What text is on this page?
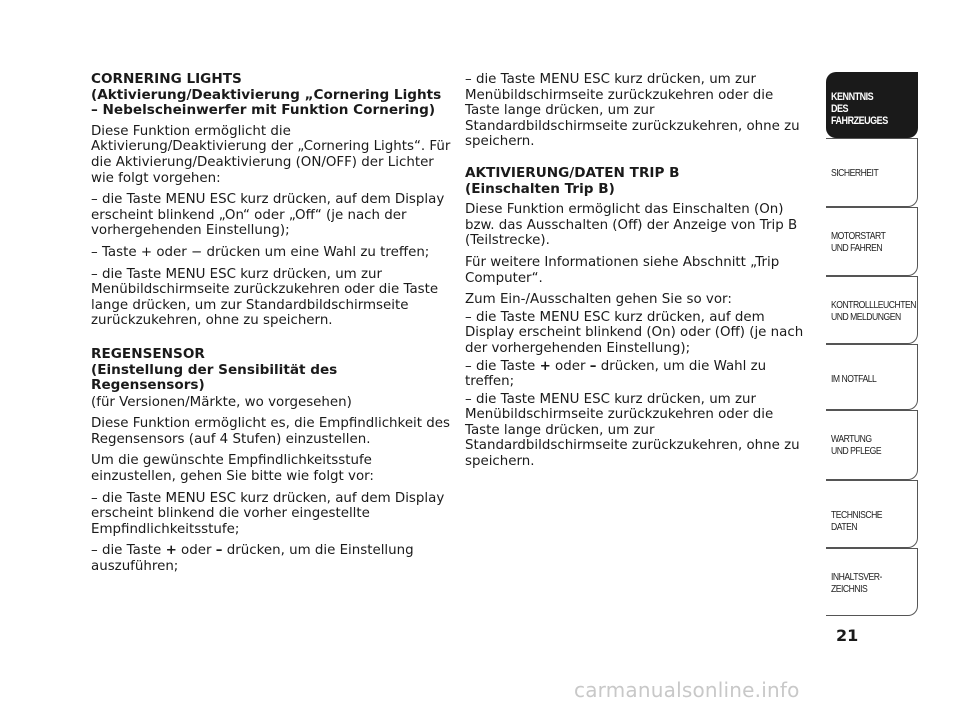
CORNERING LIGHTS
(Aktivierung/Deaktivierung „Cornering Lights
– Nebelscheinwerfer mit Funktion Cornering)

Diese Funktion ermöglicht die Aktivierung/Deaktivierung der „Cornering Lights“. Für die Aktivierung/Deaktivierung (ON/OFF) der Lichter wie folgt vorgehen:

– die Taste MENU ESC kurz drücken, auf dem Display erscheint blinkend „On“ oder „Off“ (je nach der vorhergehenden Einstellung);

– Taste + oder − drücken um eine Wahl zu treffen;

– die Taste MENU ESC kurz drücken, um zur Menübildschirmseite zurückzukehren oder die Taste lange drücken, um zur Standardbildschirmseite zurückzukehren, ohne zu speichern.

REGENSENSOR
(Einstellung der Sensibilität des Regensensors)

(für Versionen/Märkte, wo vorgesehen)

Diese Funktion ermöglicht es, die Empfindlichkeit des Regensensors (auf 4 Stufen) einzustellen.

Um die gewünschte Empfindlichkeitsstufe einzustellen, gehen Sie bitte wie folgt vor:

– die Taste MENU ESC kurz drücken, auf dem Display erscheint blinkend die vorher eingestellte Empfindlichkeitsstufe;

– die Taste + oder – drücken, um die Einstellung auszuführen;

– die Taste MENU ESC kurz drücken, um zur Menübildschirmseite zurückzukehren oder die Taste lange drücken, um zur Standardbildschirmseite zurückzukehren, ohne zu speichern.

AKTIVIERUNG/DATEN TRIP B
(Einschalten Trip B)

Diese Funktion ermöglicht das Einschalten (On) bzw. das Ausschalten (Off) der Anzeige von Trip B (Teilstrecke).

Für weitere Informationen siehe Abschnitt „Trip Computer“.

Zum Ein-/Ausschalten gehen Sie so vor:

– die Taste MENU ESC kurz drücken, auf dem Display erscheint blinkend (On) oder (Off) (je nach der vorhergehenden Einstellung);

– die Taste + oder – drücken, um die Wahl zu treffen;

– die Taste MENU ESC kurz drücken, um zur Menübildschirmseite zurückzukehren oder die Taste lange drücken, um zur Standardbildschirmseite zurückzukehren, ohne zu speichern.

KENNTNIS
DES FAHRZEUGES
SICHERHEIT
MOTORSTART
UND FAHREN
KONTROLLLEUCHTEN
UND MELDUNGEN
IM NOTFALL
WARTUNG
UND PFLEGE
TECHNISCHE DATEN
INHALTSVER-
ZEICHNIS
21
carmanualsonline.info
